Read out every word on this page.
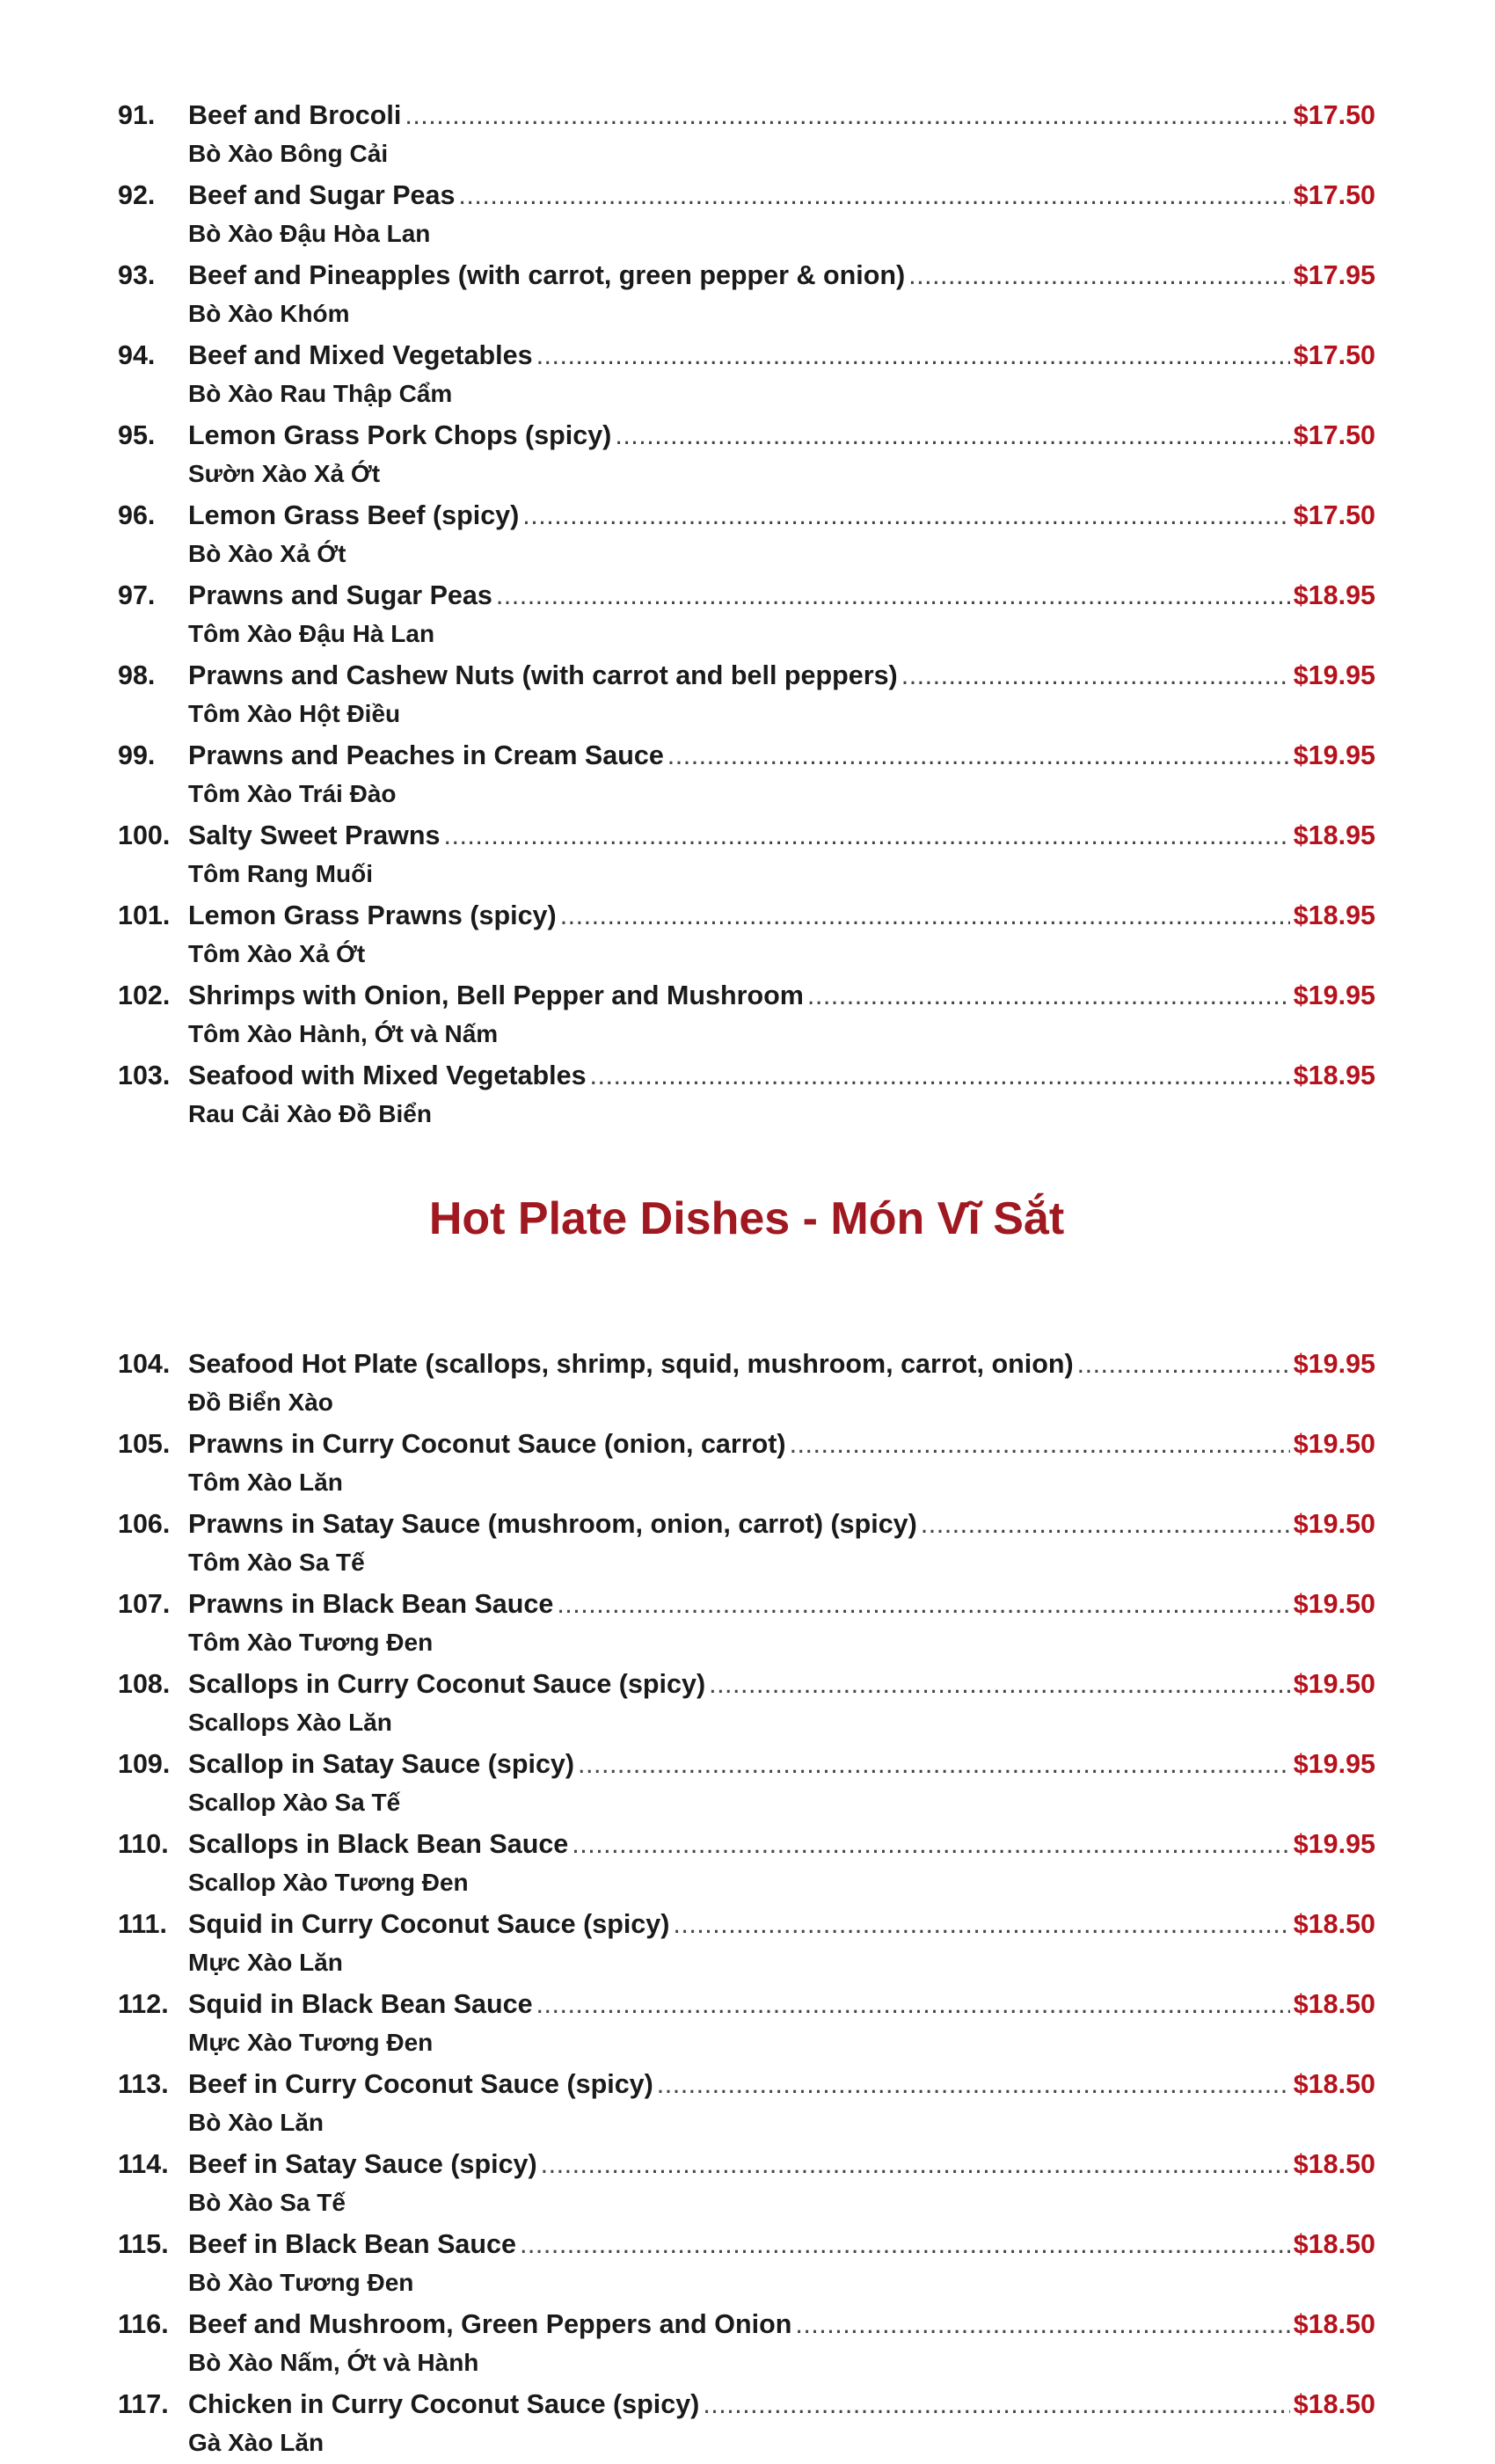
91.	Beef and Brocoli .....	$17.50
Bò Xào Bông Cải
92.	Beef and Sugar Peas .....	$17.50
Bò Xào Đậu Hòa Lan
93.	Beef and Pineapples (with carrot, green pepper & onion) .....	$17.95
Bò Xào Khóm
94.	Beef and Mixed Vegetables .....	$17.50
Bò Xào Rau Thập Cẩm
95.	Lemon Grass Pork Chops (spicy) .....	$17.50
Sườn Xào Xả Ớt
96.	Lemon Grass Beef (spicy) .....	$17.50
Bò Xào Xả Ớt
97.	Prawns and Sugar Peas .....	$18.95
Tôm Xào Đậu Hà Lan
98.	Prawns and Cashew Nuts (with carrot and bell peppers) .....	$19.95
Tôm Xào Hột Điều
99.	Prawns and Peaches in Cream Sauce .....	$19.95
Tôm Xào Trái Đào
100. Salty Sweet Prawns .....	$18.95
Tôm Rang Muối
101. Lemon Grass Prawns (spicy) .....	$18.95
Tôm Xào Xả Ớt
102. Shrimps with Onion, Bell Pepper and Mushroom .....	$19.95
Tôm Xào Hành, Ớt và Nấm
103. Seafood with Mixed Vegetables .....	$18.95
Rau Cải Xào Đồ Biển
Hot Plate Dishes - Món Vĩ Sắt
104. Seafood Hot Plate (scallops, shrimp, squid, mushroom, carrot, onion) .....	$19.95
Đồ Biển Xào
105. Prawns in Curry Coconut Sauce (onion, carrot) .....	$19.50
Tôm Xào Lăn
106. Prawns in Satay Sauce (mushroom, onion, carrot) (spicy) .....	$19.50
Tôm Xào Sa Tế
107. Prawns in Black Bean Sauce .....	$19.50
Tôm Xào Tương Đen
108. Scallops in Curry Coconut Sauce (spicy) .....	$19.50
Scallops Xào Lăn
109. Scallop in Satay Sauce (spicy) .....	$19.95
Scallop Xào Sa Tế
110. Scallops in Black Bean Sauce .....	$19.95
Scallop Xào Tương Đen
111. Squid in Curry Coconut Sauce (spicy) .....	$18.50
Mực Xào Lăn
112. Squid in Black Bean Sauce .....	$18.50
Mực Xào Tương Đen
113. Beef in Curry Coconut Sauce (spicy) .....	$18.50
Bò Xào Lăn
114. Beef in Satay Sauce (spicy) .....	$18.50
Bò Xào Sa Tế
115. Beef in Black Bean Sauce .....	$18.50
Bò Xào Tương Đen
116. Beef and Mushroom, Green Peppers and Onion .....	$18.50
Bò Xào Nấm, Ớt và Hành
117. Chicken in Curry Coconut Sauce (spicy) .....	$18.50
Gà Xào Lăn
